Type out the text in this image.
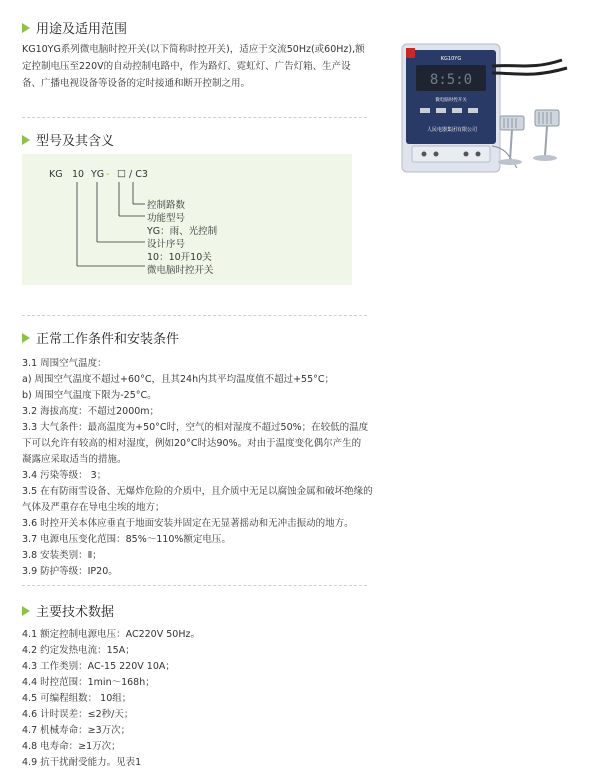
用途及适用范围
KG10YG系列微电脑时控开关(以下简称时控开关)，适应于交流50Hz(或60Hz),额
定控制电压至220V的自动控制电路中，作为路灯、霓虹灯、广告灯箱、生产设
备、广播电视设备等设备的定时接通和断开控制之用。
KG10YG
8:5:0
微电脑时控开关
人民电器集团有限公司
型号及其含义
KG 10 YG - □ / C3
控制路数
功能型号
YG：雨、光控制
设计序号
10：10开10关
微电脑时控开关
正常工作条件和安装条件
3.1 周围空气温度：
a) 周围空气温度不超过+60°C，且其24h内其平均温度值不超过+55°C；
b) 周围空气温度下限为-25°C。
3.2 海拔高度：不超过2000m；
3.3 大气条件：最高温度为+50°C时，空气的相对湿度不超过50%；在较低的温度
下可以允许有较高的相对湿度，例如20°C时达90%。对由于温度变化偶尔产生的
凝露应采取适当的措施。
3.4 污染等级： 3；
3.5 在有防雨雪设备、无爆炸危险的介质中，且介质中无足以腐蚀金属和破坏绝缘的
气体及严重存在导电尘埃的地方；
3.6 时控开关本体应垂直于地面安装并固定在无显著摇动和无冲击振动的地方。
3.7 电源电压变化范围：85%～110%额定电压。
3.8 安装类别：Ⅱ；
3.9 防护等级：IP20。
主要技术数据
4.1 额定控制电源电压：AC220V 50Hz。
4.2 约定发热电流：15A；
4.3 工作类别：AC-15 220V 10A；
4.4 时控范围：1min～168h；
4.5 可编程组数： 10组；
4.6 计时误差：≤2秒/天；
4.7 机械寿命：≥3万次；
4.8 电寿命：≥1万次；
4.9 抗干扰耐受能力。见表1
